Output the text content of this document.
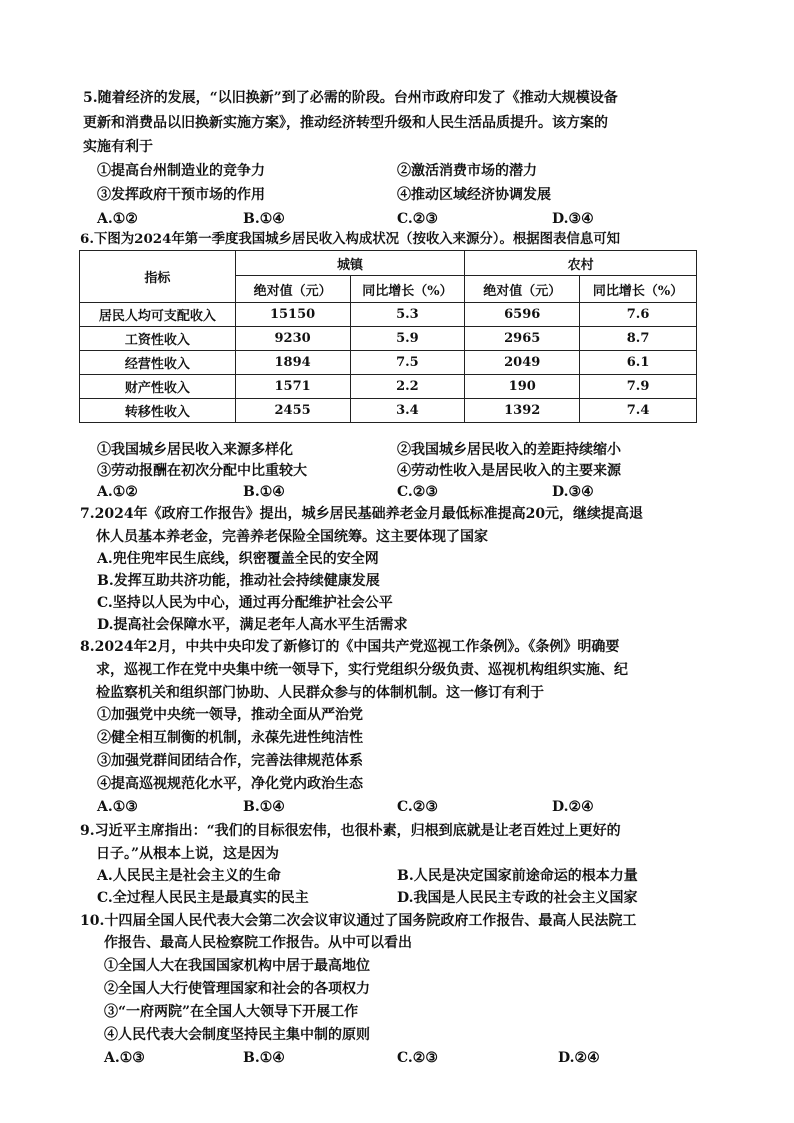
5.随着经济的发展，“以旧换新”到了必需的阶段。台州市政府印发了《推动大规模设备
更新和消费品以旧换新实施方案》，推动经济转型升级和人民生活品质提升。该方案的
实施有利于
①提高台州制造业的竞争力	②激活消费市场的潜力
③发挥政府干预市场的作用	④推动区域经济协调发展
A.①②	B.①④	C.②③	D.③④
6.下图为2024年第一季度我国城乡居民收入构成状况（按收入来源分）。根据图表信息可知
指标	城镇		农村	
	绝对值（元）	同比增长（%）	绝对值（元）	同比增长（%）
居民人均可支配收入	15150	5.3	6596	7.6
工资性收入	9230	5.9	2965	8.7
经营性收入	1894	7.5	2049	6.1
财产性收入	1571	2.2	190	7.9
转移性收入	2455	3.4	1392	7.4
①我国城乡居民收入来源多样化	②我国城乡居民收入的差距持续缩小
③劳动报酬在初次分配中比重较大	④劳动性收入是居民收入的主要来源
A.①②	B.①④	C.②③	D.③④
7.2024年《政府工作报告》提出，城乡居民基础养老金月最低标准提高20元，继续提高退
休人员基本养老金，完善养老保险全国统筹。这主要体现了国家
A.兜住兜牢民生底线，织密覆盖全民的安全网
B.发挥互助共济功能，推动社会持续健康发展
C.坚持以人民为中心，通过再分配维护社会公平
D.提高社会保障水平，满足老年人高水平生活需求
8.2024年2月，中共中央印发了新修订的《中国共产党巡视工作条例》。《条例》明确要
求，巡视工作在党中央集中统一领导下，实行党组织分级负责、巡视机构组织实施、纪
检监察机关和组织部门协助、人民群众参与的体制机制。这一修订有利于
①加强党中央统一领导，推动全面从严治党
②健全相互制衡的机制，永葆先进性纯洁性
③加强党群间团结合作，完善法律规范体系
④提高巡视规范化水平，净化党内政治生态
A.①③	B.①④	C.②③	D.②④
9.习近平主席指出：“我们的目标很宏伟，也很朴素，归根到底就是让老百姓过上更好的
日子。”从根本上说，这是因为
A.人民民主是社会主义的生命	B.人民是决定国家前途命运的根本力量
C.全过程人民民主是最真实的民主	D.我国是人民民主专政的社会主义国家
10.十四届全国人民代表大会第二次会议审议通过了国务院政府工作报告、最高人民法院工
作报告、最高人民检察院工作报告。从中可以看出
①全国人大在我国国家机构中居于最高地位
②全国人大行使管理国家和社会的各项权力
③“一府两院”在全国人大领导下开展工作
④人民代表大会制度坚持民主集中制的原则
A.①③	B.①④	C.②③	D.②④
